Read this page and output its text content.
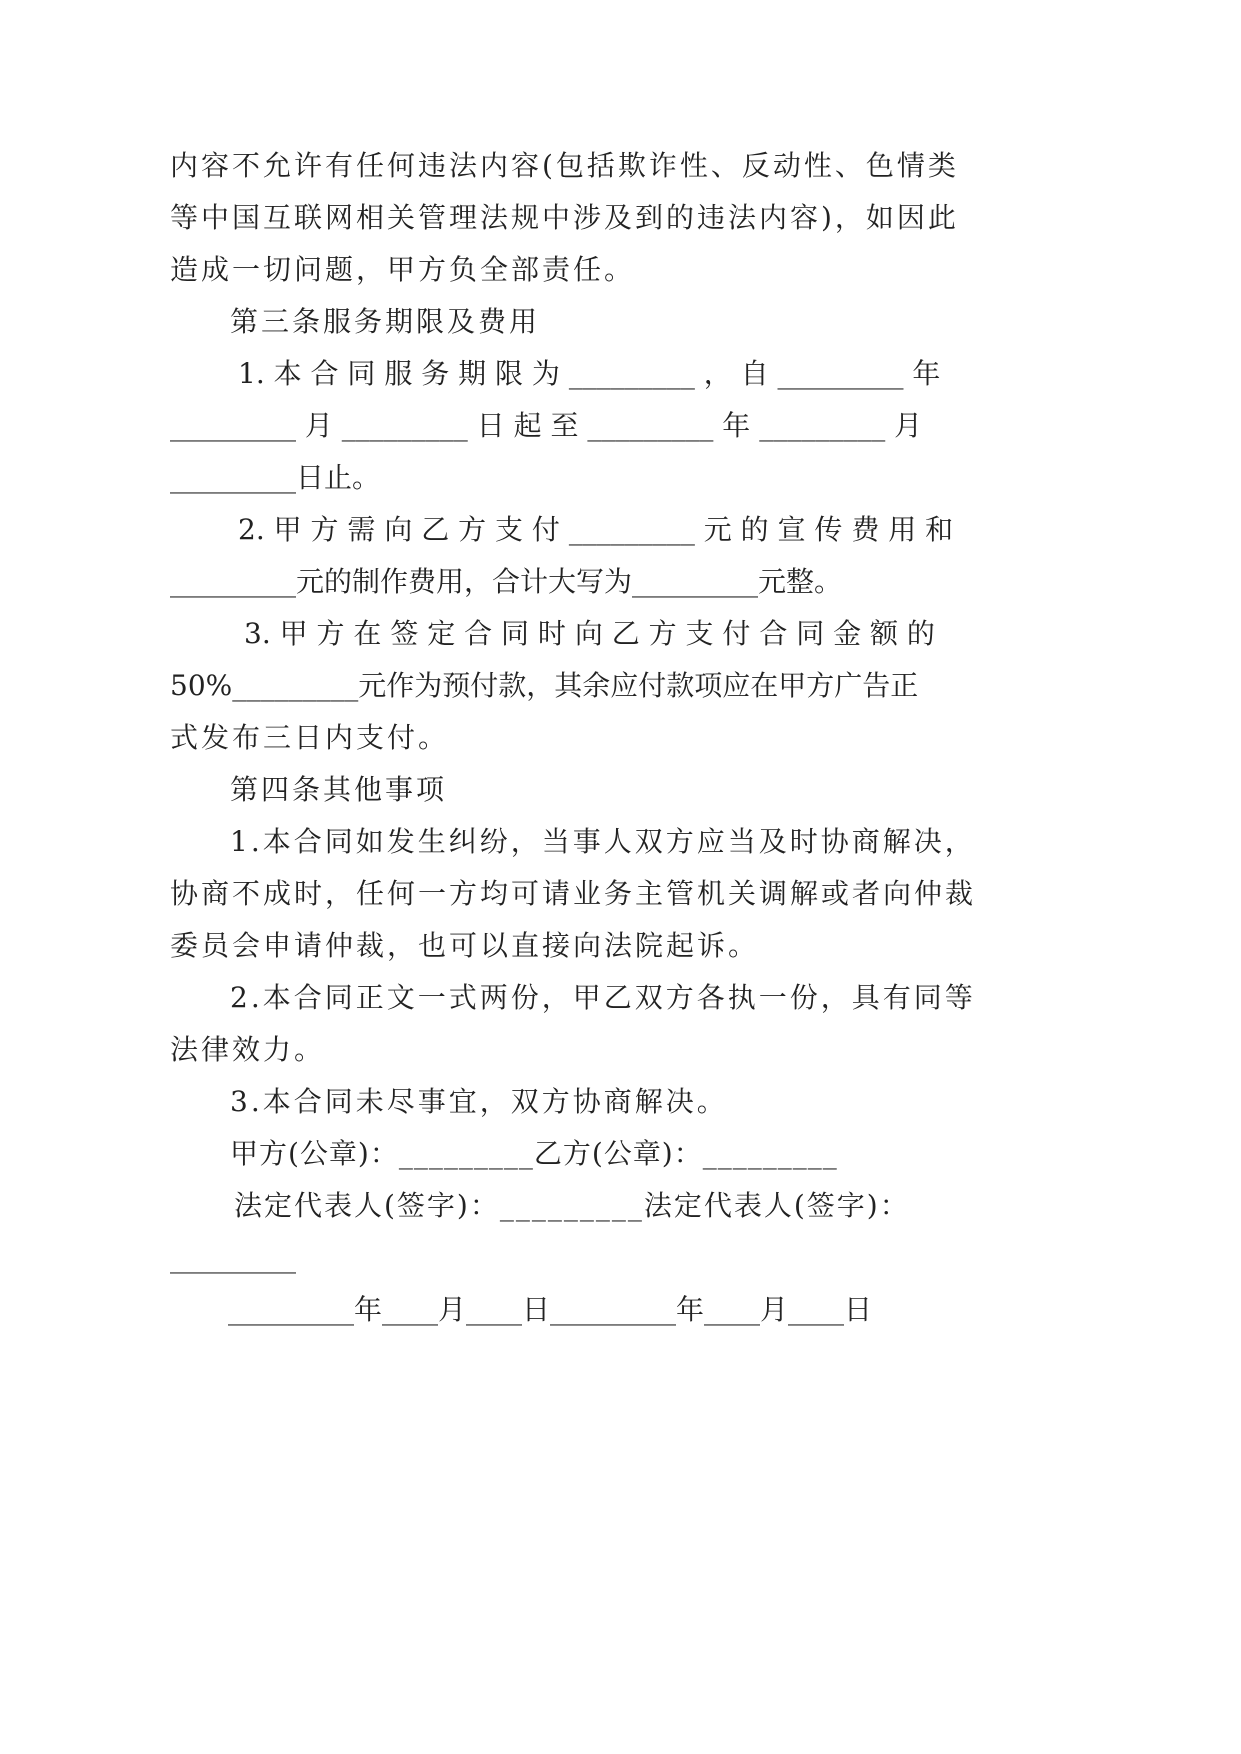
内容不允许有任何违法内容(包括欺诈性、反动性、色情类
等中国互联网相关管理法规中涉及到的违法内容)，如因此
造成一切问题，甲方负全部责任。
第三条服务期限及费用
1. 本 合 同 服 务 期 限 为 _________ ， 自 _________ 年
_________ 月 _________ 日 起 至 _________ 年 _________ 月
_________日止。
2. 甲 方 需 向 乙 方 支 付 _________ 元 的 宣 传 费 用 和
_________元的制作费用，合计大写为_________元整。
3. 甲 方 在 签 定 合 同 时 向 乙 方 支 付 合 同 金 额 的
50%_________元作为预付款，其余应付款项应在甲方广告正
式发布三日内支付。
第四条其他事项
1.本合同如发生纠纷，当事人双方应当及时协商解决，
协商不成时，任何一方均可请业务主管机关调解或者向仲裁
委员会申请仲裁，也可以直接向法院起诉。
2.本合同正文一式两份，甲乙双方各执一份，具有同等
法律效力。
3.本合同未尽事宜，双方协商解决。
甲方(公章)：_________乙方(公章)：_________
法定代表人(签字)：_________法定代表人(签字)：
_________
_________年____月____日_________年____月____日
